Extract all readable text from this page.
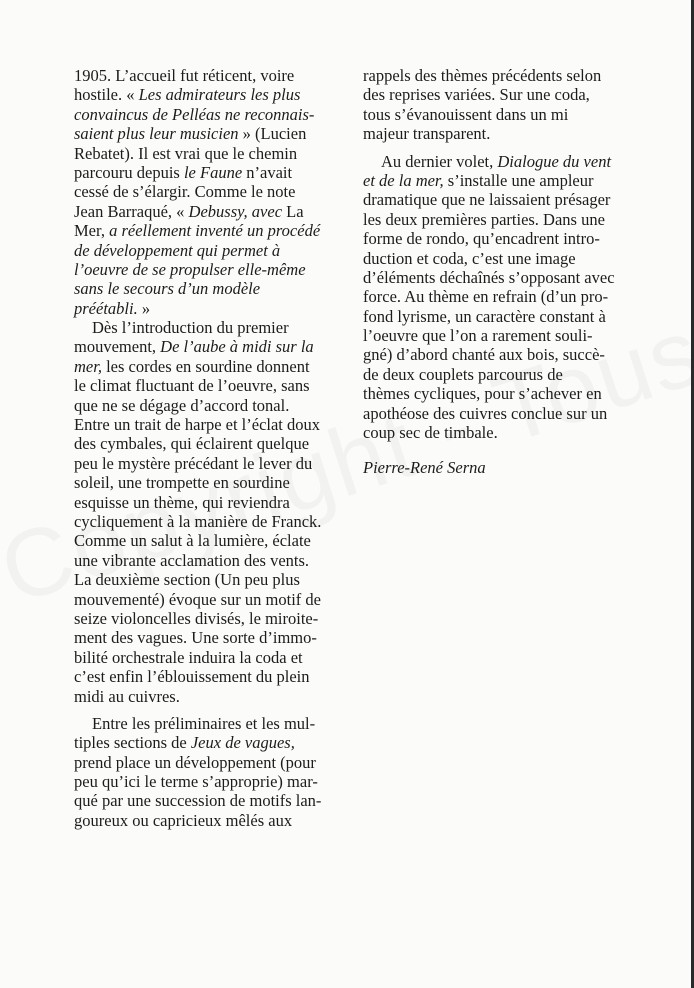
1905. L’accueil fut réticent, voire
hostile. « Les admirateurs les plus
convaincus de Pelléas ne reconnais-
saient plus leur musicien » (Lucien
Rebatet). Il est vrai que le chemin
parcouru depuis le Faune n’avait
cessé de s’élargir. Comme le note
Jean Barraqué, « Debussy, avec La
Mer, a réellement inventé un procédé
de développement qui permet à
l’oeuvre de se propulser elle-même
sans le secours d’un modèle
préétabli. »
Dès l’introduction du premier
mouvement, De l’aube à midi sur la
mer, les cordes en sourdine donnent
le climat fluctuant de l’oeuvre, sans
que ne se dégage d’accord tonal.
Entre un trait de harpe et l’éclat doux
des cymbales, qui éclairent quelque
peu le mystère précédant le lever du
soleil, une trompette en sourdine
esquisse un thème, qui reviendra
cycliquement à la manière de Franck.
Comme un salut à la lumière, éclate
une vibrante acclamation des vents.
La deuxième section (Un peu plus
mouvementé) évoque sur un motif de
seize violoncelles divisés, le miroite-
ment des vagues. Une sorte d’immo-
bilité orchestrale induira la coda et
c’est enfin l’éblouissement du plein
midi au cuivres.
Entre les préliminaires et les mul-
tiples sections de Jeux de vagues,
prend place un développement (pour
peu qu’ici le terme s’approprie) mar-
qué par une succession de motifs lan-
goureux ou capricieux mêlés aux
rappels des thèmes précédents selon
des reprises variées. Sur une coda,
tous s’évanouissent dans un mi
majeur transparent.
Au dernier volet, Dialogue du vent
et de la mer, s’installe une ampleur
dramatique que ne laissaient présager
les deux premières parties. Dans une
forme de rondo, qu’encadrent intro-
duction et coda, c’est une image
d’éléments déchaînés s’opposant avec
force. Au thème en refrain (d’un pro-
fond lyrisme, un caractère constant à
l’oeuvre que l’on a rarement souli-
gné) d’abord chanté aux bois, succè-
de deux couplets parcourus de
thèmes cycliques, pour s’achever en
apothéose des cuivres conclue sur un
coup sec de timbale.
Pierre-René Serna
